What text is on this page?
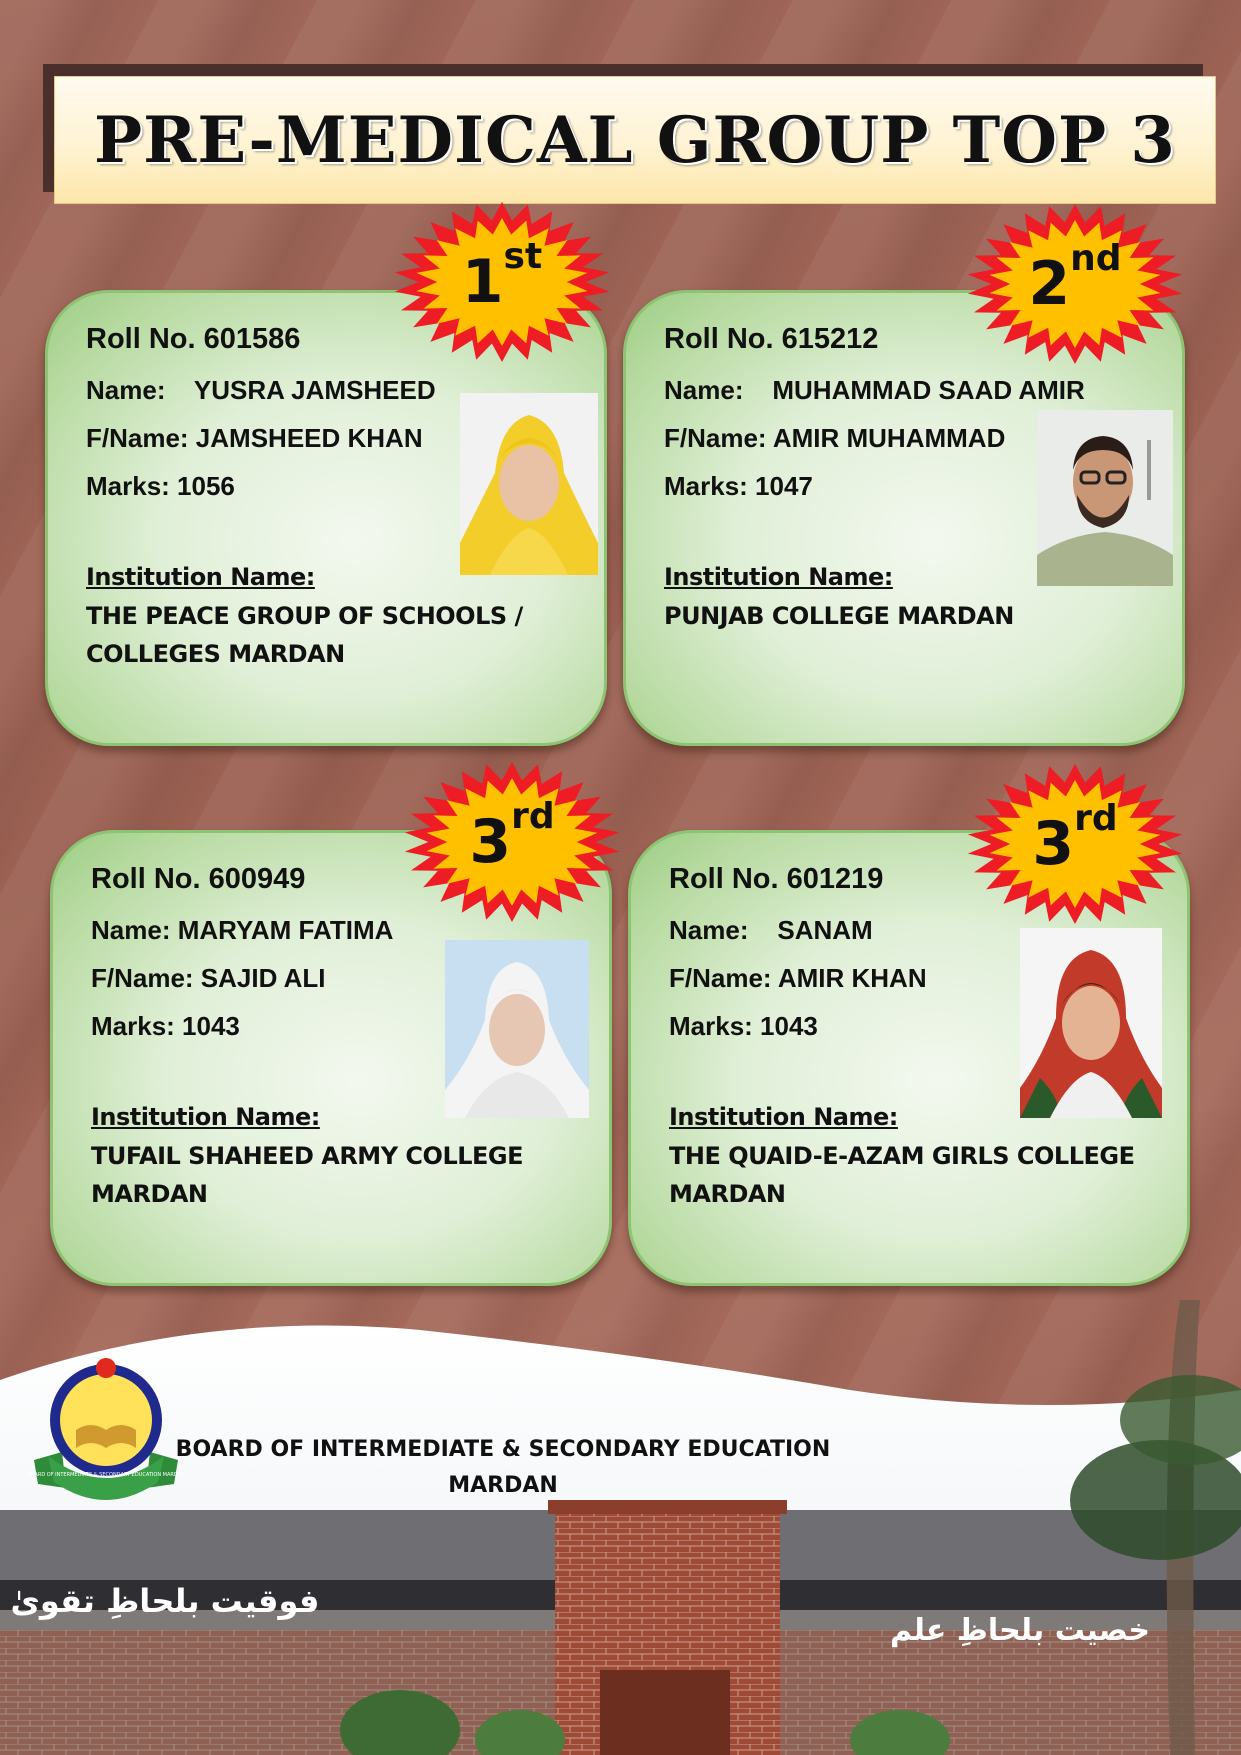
PRE-MEDICAL GROUP TOP 3
Roll No. 601586
Name:    YUSRA JAMSHEED
F/Name: JAMSHEED KHAN
Marks: 1056
Institution Name:
THE PEACE GROUP OF SCHOOLS / COLLEGES MARDAN
Roll No. 615212
Name:    MUHAMMAD SAAD AMIR
F/Name: AMIR MUHAMMAD
Marks: 1047
Institution Name:
PUNJAB COLLEGE MARDAN
Roll No. 600949
Name: MARYAM FATIMA
F/Name: SAJID ALI
Marks: 1043
Institution Name:
TUFAIL SHAHEED ARMY COLLEGE MARDAN
Roll No. 601219
Name:    SANAM
F/Name: AMIR KHAN
Marks: 1043
Institution Name:
THE QUAID-E-AZAM GIRLS COLLEGE MARDAN
1 st	2 nd
3 rd	3 rd
فوقیت بلحاظِ تقویٰ
خصیت بلحاظِ علم
BOARD OF INTERMEDIATE & SECONDARY EDUCATION MARDAN
BOARD OF INTERMEDIATE & SECONDARY EDUCATION
MARDAN
